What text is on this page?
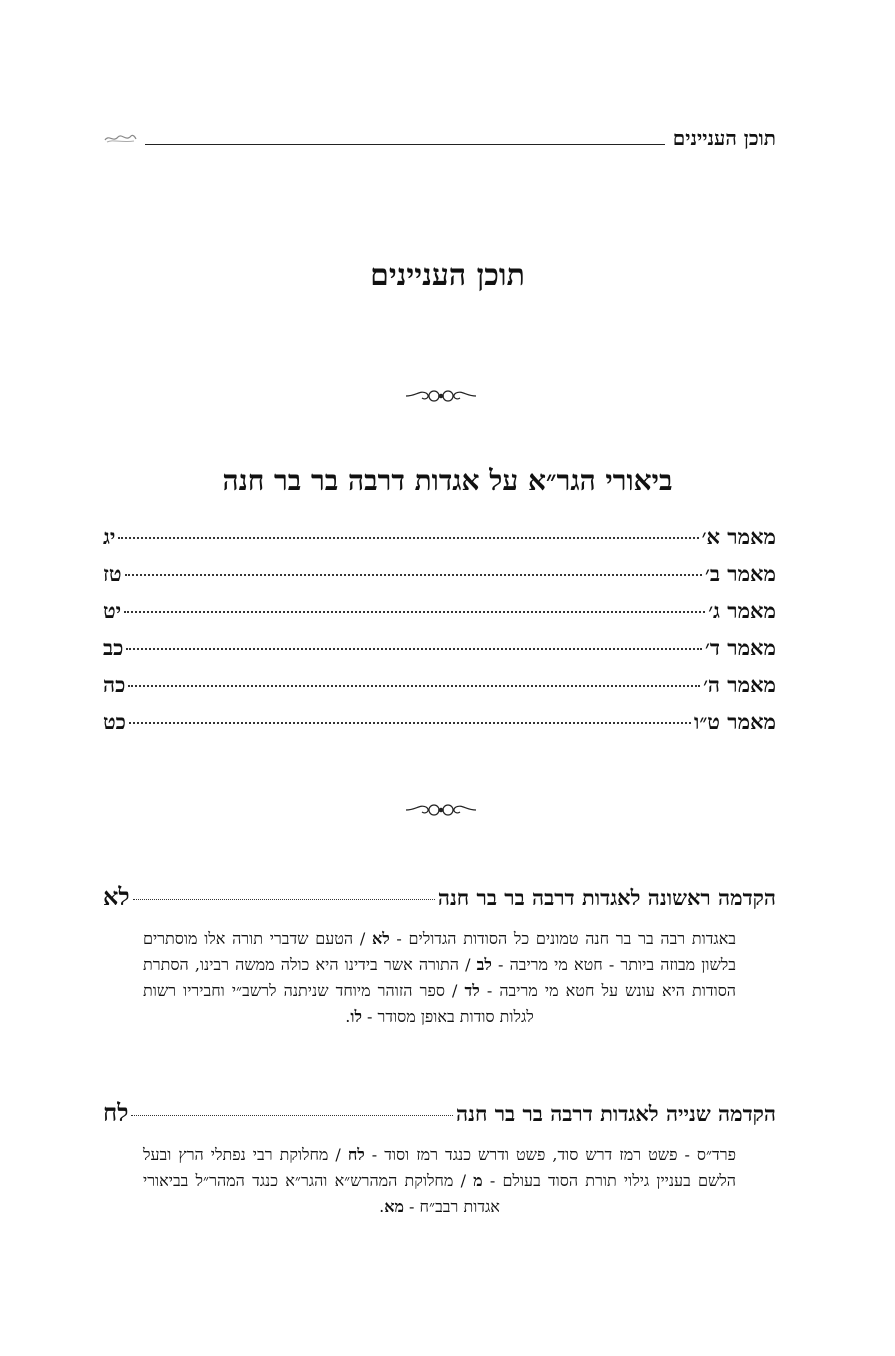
תוכן העניינים
תוכן העניינים
ביאורי הגר״א על אגדות דרבה בר בר חנה
מאמר א׳
יג
מאמר ב׳
טז
מאמר ג׳
יט
מאמר ד׳
כב
מאמר ה׳
כה
מאמר ט״ו
כט
הקדמה ראשונה לאגדות דרבה בר בר חנה
לא
באגדות רבה בר בר חנה טמונים כל הסודות הגדולים - לא / הטעם שדברי תורה אלו מוסתרים בלשון מבוזה ביותר - חטא מי מריבה - לב / התורה אשר בידינו היא כולה ממשה רבינו, הסתרת הסודות היא עונש על חטא מי מריבה - לד / ספר הזוהר מיוחד שניתנה לרשב״י וחביריו רשות לגלות סודות באופן מסודר - לו.
הקדמה שנייה לאגדות דרבה בר בר חנה
לח
פרד״ס - פשט רמז דרש סוד, פשט ודרש כנגד רמז וסוד - לח / מחלוקת רבי נפתלי הרץ ובעל הלשם בעניין גילוי תורת הסוד בעולם - מ / מחלוקת המהרש״א והגר״א כנגד המהר״ל בביאורי אגדות רבב״ח - מא.
